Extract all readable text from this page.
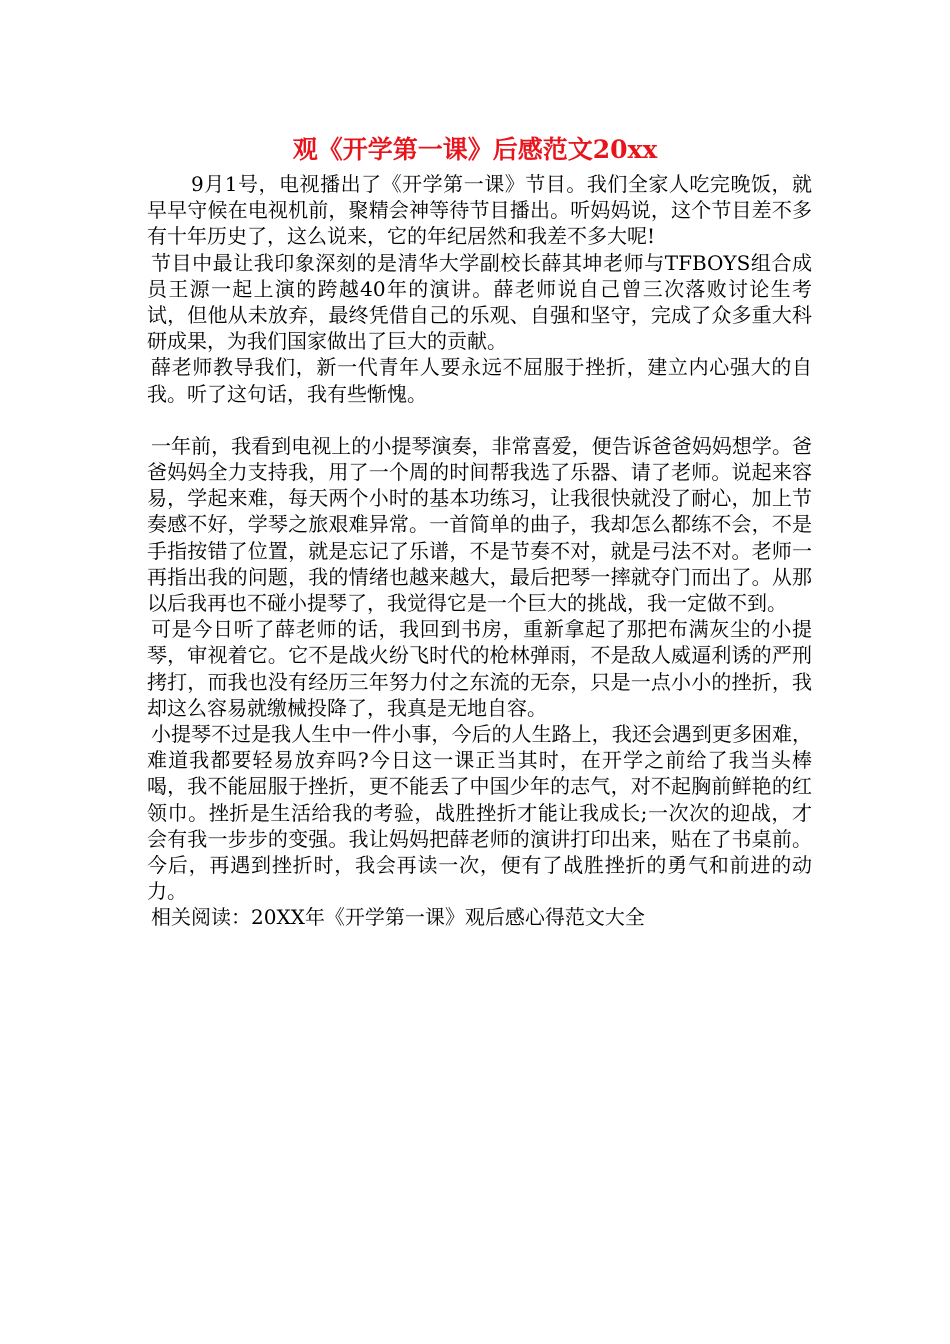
观《开学第一课》后感范文20xx

9月1号，电视播出了《开学第一课》节目。我们全家人吃完晚饭，就早早守候在电视机前，聚精会神等待节目播出。听妈妈说，这个节目差不多有十年历史了，这么说来，它的年纪居然和我差不多大呢!

节目中最让我印象深刻的是清华大学副校长薛其坤老师与TFBOYS组合成员王源一起上演的跨越40年的演讲。薛老师说自己曾三次落败讨论生考试，但他从未放弃，最终凭借自己的乐观、自强和坚守，完成了众多重大科研成果，为我们国家做出了巨大的贡献。

薛老师教导我们，新一代青年人要永远不屈服于挫折，建立内心强大的自我。听了这句话，我有些惭愧。

一年前，我看到电视上的小提琴演奏，非常喜爱，便告诉爸爸妈妈想学。爸爸妈妈全力支持我，用了一个周的时间帮我选了乐器、请了老师。说起来容易，学起来难，每天两个小时的基本功练习，让我很快就没了耐心，加上节奏感不好，学琴之旅艰难异常。一首简单的曲子，我却怎么都练不会，不是手指按错了位置，就是忘记了乐谱，不是节奏不对，就是弓法不对。老师一再指出我的问题，我的情绪也越来越大，最后把琴一摔就夺门而出了。从那以后我再也不碰小提琴了，我觉得它是一个巨大的挑战，我一定做不到。

可是今日听了薛老师的话，我回到书房，重新拿起了那把布满灰尘的小提琴，审视着它。它不是战火纷飞时代的枪林弹雨，不是敌人威逼利诱的严刑拷打，而我也没有经历三年努力付之东流的无奈，只是一点小小的挫折，我却这么容易就缴械投降了，我真是无地自容。

小提琴不过是我人生中一件小事，今后的人生路上，我还会遇到更多困难，难道我都要轻易放弃吗?今日这一课正当其时，在开学之前给了我当头棒喝，我不能屈服于挫折，更不能丢了中国少年的志气，对不起胸前鲜艳的红领巾。挫折是生活给我的考验，战胜挫折才能让我成长;一次次的迎战，才会有我一步步的变强。我让妈妈把薛老师的演讲打印出来，贴在了书桌前。今后，再遇到挫折时，我会再读一次，便有了战胜挫折的勇气和前进的动力。

相关阅读：20XX年《开学第一课》观后感心得范文大全
